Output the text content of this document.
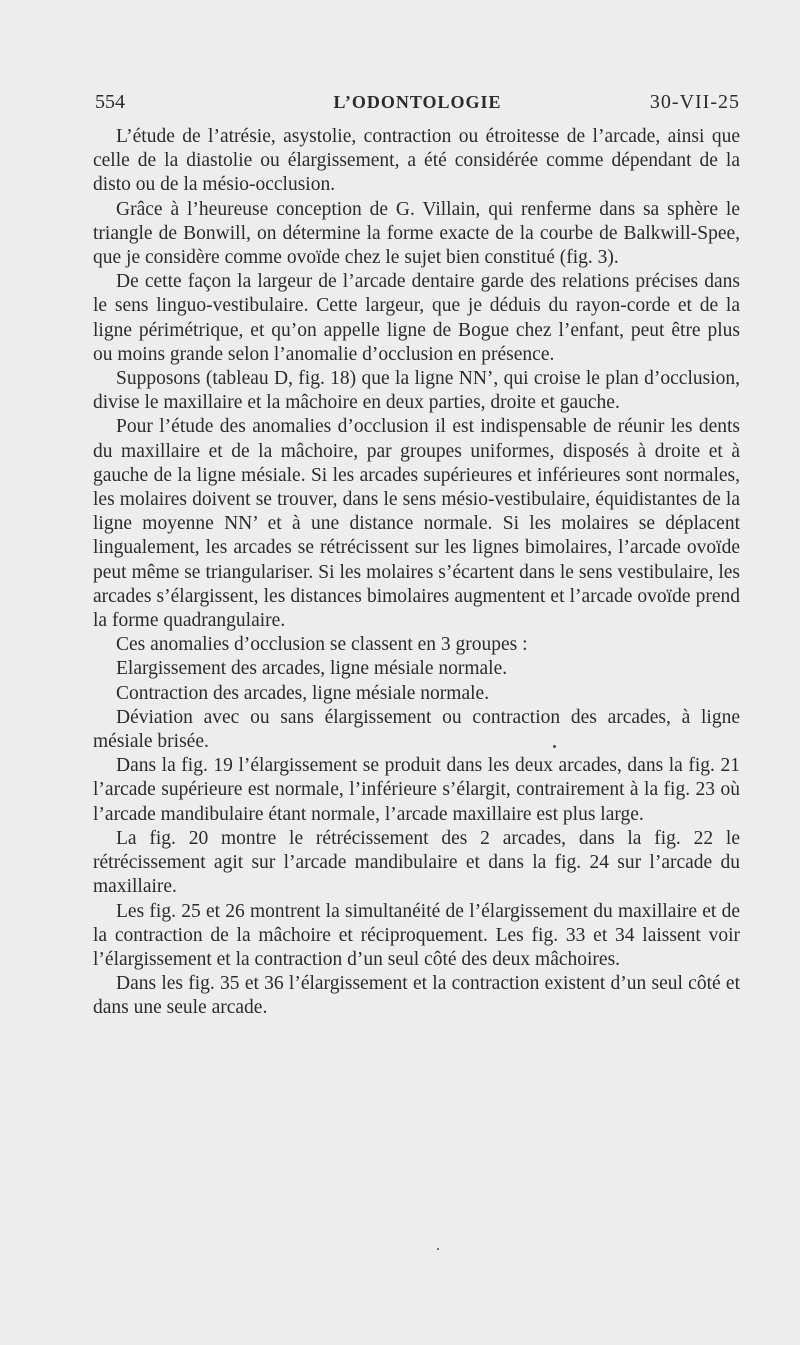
554	L’ODONTOLOGIE	30-VII-25

L’étude de l’atrésie, asystolie, contraction ou étroitesse de l’arcade, ainsi que celle de la diastolie ou élargissement, a été considérée comme dépendant de la disto ou de la mésio-occlusion.

Grâce à l’heureuse conception de G. Villain, qui renferme dans sa sphère le triangle de Bonwill, on détermine la forme exacte de la courbe de Balkwill-Spee, que je considère comme ovoïde chez le sujet bien constitué (fig. 3).

De cette façon la largeur de l’arcade dentaire garde des relations précises dans le sens linguo-vestibulaire. Cette largeur, que je déduis du rayon-corde et de la ligne périmétrique, et qu’on appelle ligne de Bogue chez l’enfant, peut être plus ou moins grande selon l’anomalie d’occlusion en présence.

Supposons (tableau D, fig. 18) que la ligne NN’, qui croise le plan d’occlusion, divise le maxillaire et la mâchoire en deux parties, droite et gauche.

Pour l’étude des anomalies d’occlusion il est indispensable de réunir les dents du maxillaire et de la mâchoire, par groupes uniformes, disposés à droite et à gauche de la ligne mésiale. Si les arcades supérieures et inférieures sont normales, les molaires doivent se trouver, dans le sens mésio-vestibulaire, équidistantes de la ligne moyenne NN’ et à une distance normale. Si les molaires se déplacent lingualement, les arcades se rétrécissent sur les lignes bimolaires, l’arcade ovoïde peut même se triangulariser. Si les molaires s’écartent dans le sens vestibulaire, les arcades s’élargissent, les distances bimolaires augmentent et l’arcade ovoïde prend la forme quadrangulaire.

Ces anomalies d’occlusion se classent en 3 groupes :

Elargissement des arcades, ligne mésiale normale.

Contraction des arcades, ligne mésiale normale.

Déviation avec ou sans élargissement ou contraction des arcades, à ligne mésiale brisée.

Dans la fig. 19 l’élargissement se produit dans les deux arcades, dans la fig. 21 l’arcade supérieure est normale, l’inférieure s’élargit, contrairement à la fig. 23 où l’arcade mandibulaire étant normale, l’arcade maxillaire est plus large.

La fig. 20 montre le rétrécissement des 2 arcades, dans la fig. 22 le rétrécissement agit sur l’arcade mandibulaire et dans la fig. 24 sur l’arcade du maxillaire.

Les fig. 25 et 26 montrent la simultanéité de l’élargissement du maxillaire et de la contraction de la mâchoire et réciproquement. Les fig. 33 et 34 laissent voir l’élargissement et la contraction d’un seul côté des deux mâchoires.

Dans les fig. 35 et 36 l’élargissement et la contraction existent d’un seul côté et dans une seule arcade.
